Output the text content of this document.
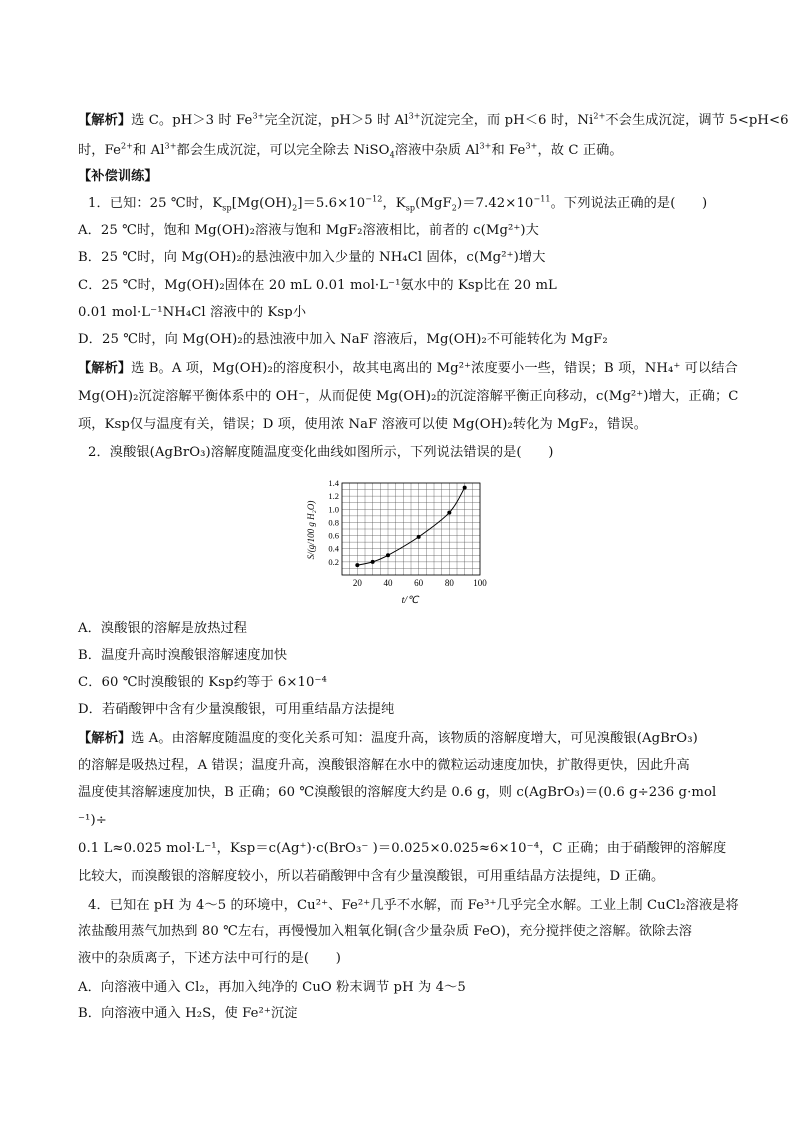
【解析】选 C。pH＞3 时 $Fe^{3+}$完全沉淀，pH＞5 时 $Al^{3+}$沉淀完全，而 pH＜6 时，$Ni^{2+}$不会生成沉淀，调节 5<pH<6
时，$Fe^{2+}$和 $Al^{3+}$都会生成沉淀，可以完全除去 NiSO$_4$溶液中杂质 $Al^{3+}$和 $Fe^{3+}$，故 C 正确。
【补偿训练】
1．已知：25 ℃时，$K_{sp}[Mg(OH)_2]=5.6\times 10^{-12}$，$K_{sp}(MgF_2)=7.42\times 10^{-11}$。下列说法正确的是(　　)
A．25 ℃时，饱和 Mg(OH)₂溶液与饱和 MgF₂溶液相比，前者的 c(Mg²⁺)大
B．25 ℃时，向 Mg(OH)₂的悬浊液中加入少量的 NH₄Cl 固体，c(Mg²⁺)增大
C．25 ℃时，Mg(OH)₂固体在 20 mL 0.01 mol·L⁻¹氨水中的 Ksp比在 20 mL
0.01 mol·L⁻¹NH₄Cl 溶液中的 Ksp小
D．25 ℃时，向 Mg(OH)₂的悬浊液中加入 NaF 溶液后，Mg(OH)₂不可能转化为 MgF₂
【解析】选 B。A 项，Mg(OH)₂的溶度积小，故其电离出的 Mg²⁺浓度要小一些，错误；B 项，NH₄⁺ 可以结合
Mg(OH)₂沉淀溶解平衡体系中的 OH⁻，从而促使 Mg(OH)₂的沉淀溶解平衡正向移动，c(Mg²⁺)增大，正确；C
项，Ksp仅与温度有关，错误；D 项，使用浓 NaF 溶液可以使 Mg(OH)₂转化为 MgF₂，错误。
2．溴酸银(AgBrO₃)溶解度随温度变化曲线如图所示，下列说法错误的是(　　)
20 40 60 80 100
0.2
0.4
0.6
0.8
1.0
1.2
1.4
t/℃
S/(g/100 g H₂O)
A．溴酸银的溶解是放热过程
B．温度升高时溴酸银溶解速度加快
C．60 ℃时溴酸银的 Ksp约等于 6×10⁻⁴
D．若硝酸钾中含有少量溴酸银，可用重结晶方法提纯
【解析】选 A。由溶解度随温度的变化关系可知：温度升高，该物质的溶解度增大，可见溴酸银(AgBrO₃)
的溶解是吸热过程，A 错误；温度升高，溴酸银溶解在水中的微粒运动速度加快，扩散得更快，因此升高
温度使其溶解速度加快，B 正确；60 ℃溴酸银的溶解度大约是 0.6 g，则 c(AgBrO₃)＝(0.6 g÷236 g·mol
⁻¹)÷
0.1 L≈0.025 mol·L⁻¹，Ksp＝c(Ag⁺)·c(BrO₃⁻ )＝0.025×0.025≈6×10⁻⁴，C 正确；由于硝酸钾的溶解度
比较大，而溴酸银的溶解度较小，所以若硝酸钾中含有少量溴酸银，可用重结晶方法提纯，D 正确。
4．已知在 pH 为 4～5 的环境中，Cu²⁺、Fe²⁺几乎不水解，而 Fe³⁺几乎完全水解。工业上制 CuCl₂溶液是将
浓盐酸用蒸气加热到 80 ℃左右，再慢慢加入粗氧化铜(含少量杂质 FeO)，充分搅拌使之溶解。欲除去溶
液中的杂质离子，下述方法中可行的是(　　)
A．向溶液中通入 Cl₂，再加入纯净的 CuO 粉末调节 pH 为 4～5
B．向溶液中通入 H₂S，使 Fe²⁺沉淀
